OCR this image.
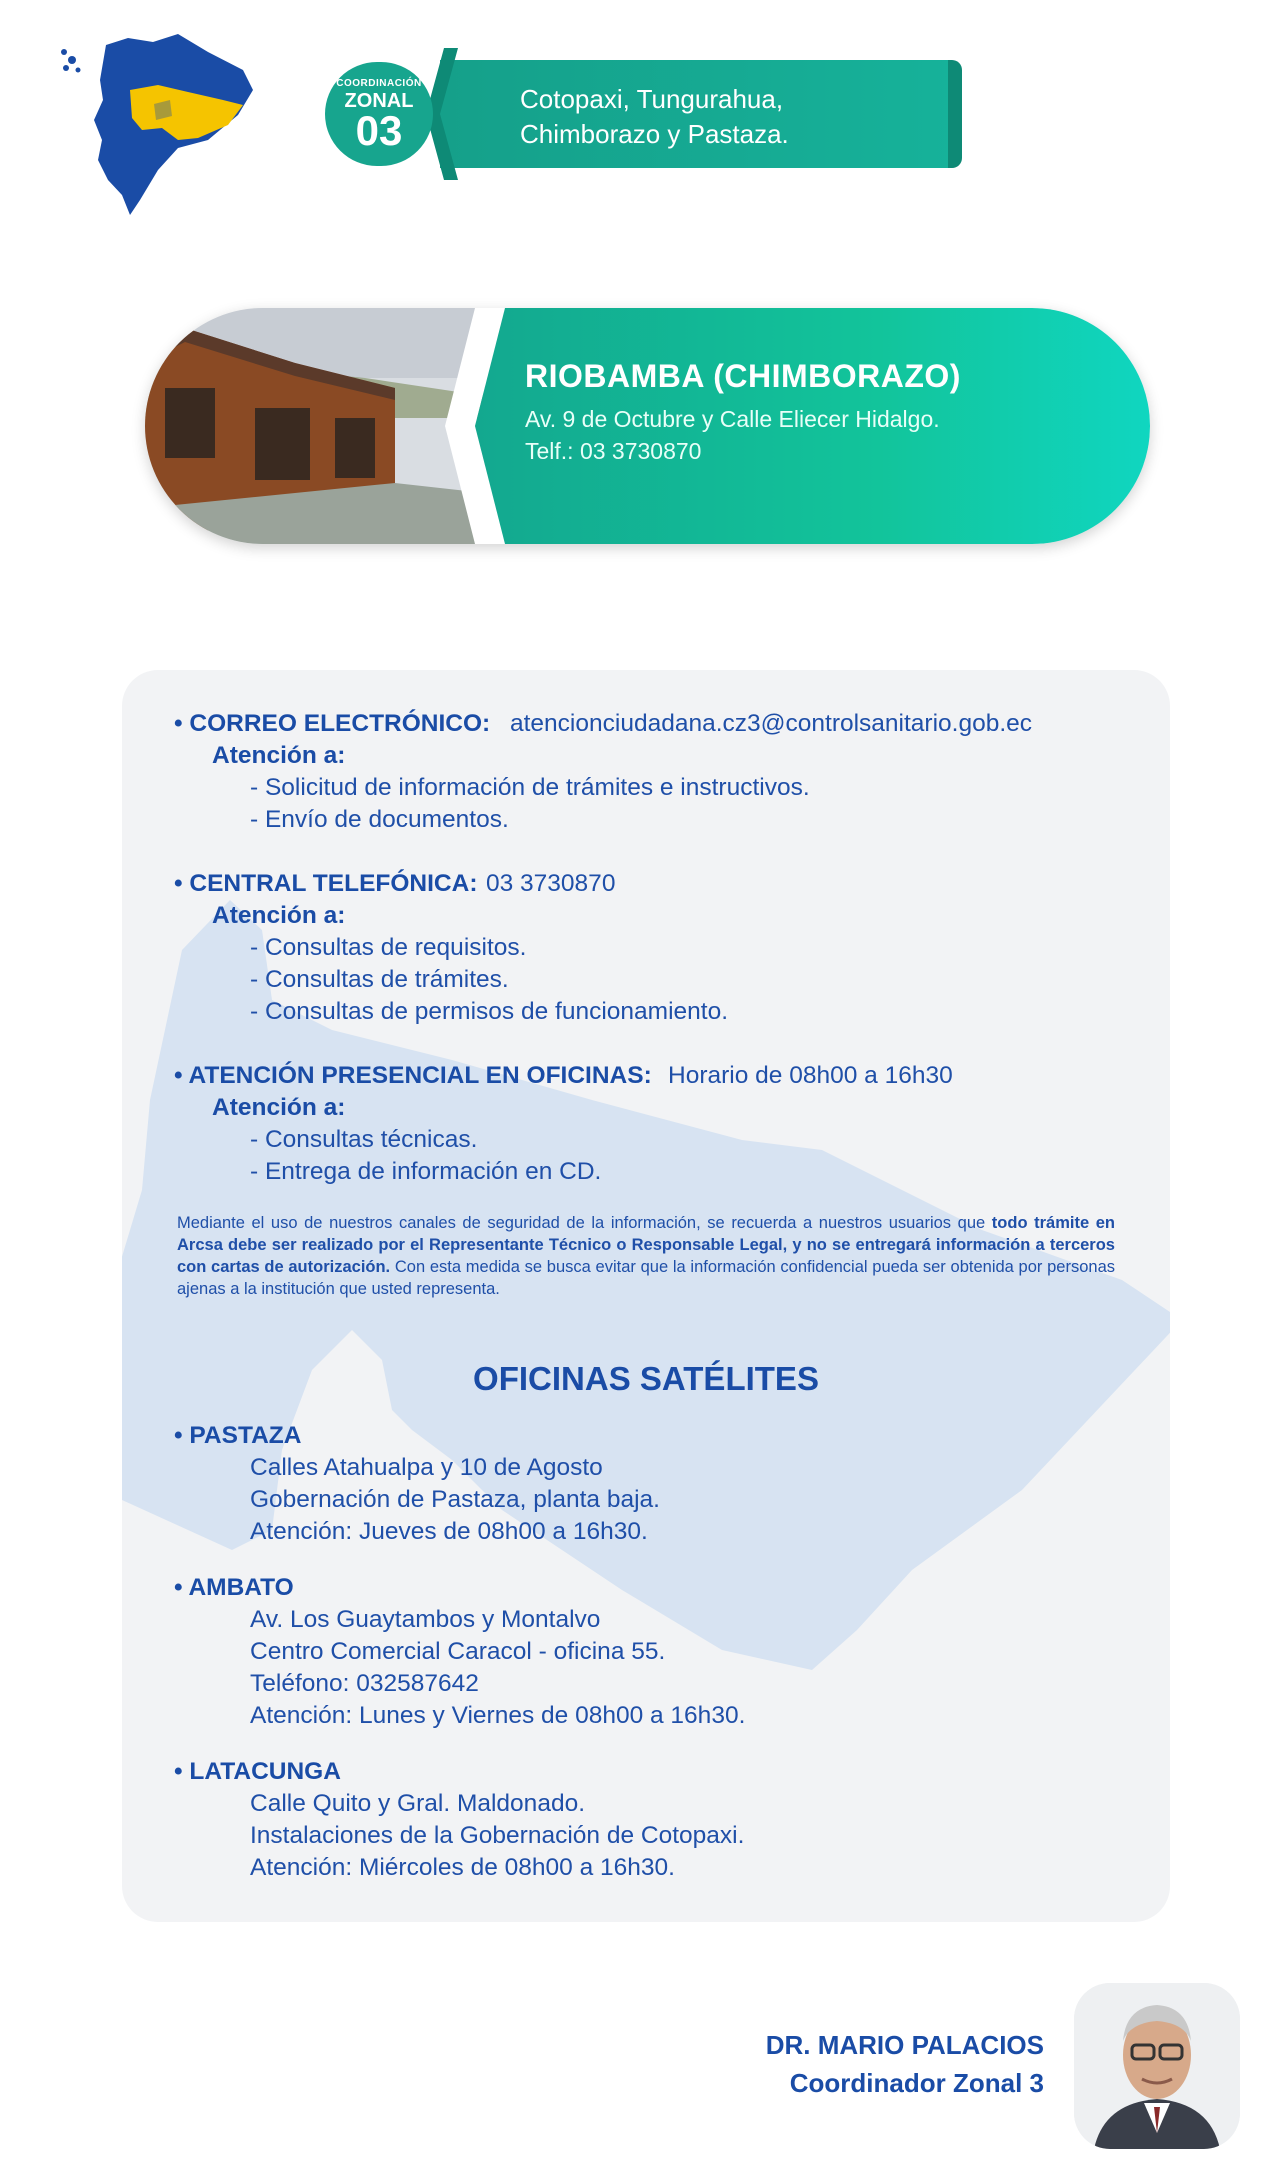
COORDINACIÓN
ZONAL
03
Cotopaxi, Tungurahua,
Chimborazo y Pastaza.
RIOBAMBA (CHIMBORAZO)
Av. 9 de Octubre y Calle Eliecer Hidalgo.
Telf.: 03 3730870
• CORREO ELECTRÓNICO: atencionciudadana.cz3@controlsanitario.gob.ec
Atención a:
- Solicitud de información de trámites e instructivos.
- Envío de documentos.
• CENTRAL TELEFÓNICA: 03 3730870
Atención a:
- Consultas de requisitos.
- Consultas de trámites.
- Consultas de permisos de funcionamiento.
• ATENCIÓN PRESENCIAL EN OFICINAS: Horario de 08h00 a 16h30
Atención a:
- Consultas técnicas.
- Entrega de información en CD.
Mediante el uso de nuestros canales de seguridad de la información, se recuerda a nuestros usuarios que todo trámite en Arcsa debe ser realizado por el Representante Técnico o Responsable Legal, y no se entregará información a terceros con cartas de autorización. Con esta medida se busca evitar que la información confidencial pueda ser obtenida por personas ajenas a la institución que usted representa.
OFICINAS SATÉLITES
• PASTAZA
Calles Atahualpa y 10 de Agosto
Gobernación de Pastaza, planta baja.
Atención: Jueves de 08h00 a 16h30.
• AMBATO
Av. Los Guaytambos y Montalvo
Centro Comercial Caracol - oficina 55.
Teléfono: 032587642
Atención: Lunes y Viernes de 08h00 a 16h30.
• LATACUNGA
Calle Quito y Gral. Maldonado.
Instalaciones de la Gobernación de Cotopaxi.
Atención: Miércoles de 08h00 a 16h30.
DR. MARIO PALACIOS
Coordinador Zonal 3
